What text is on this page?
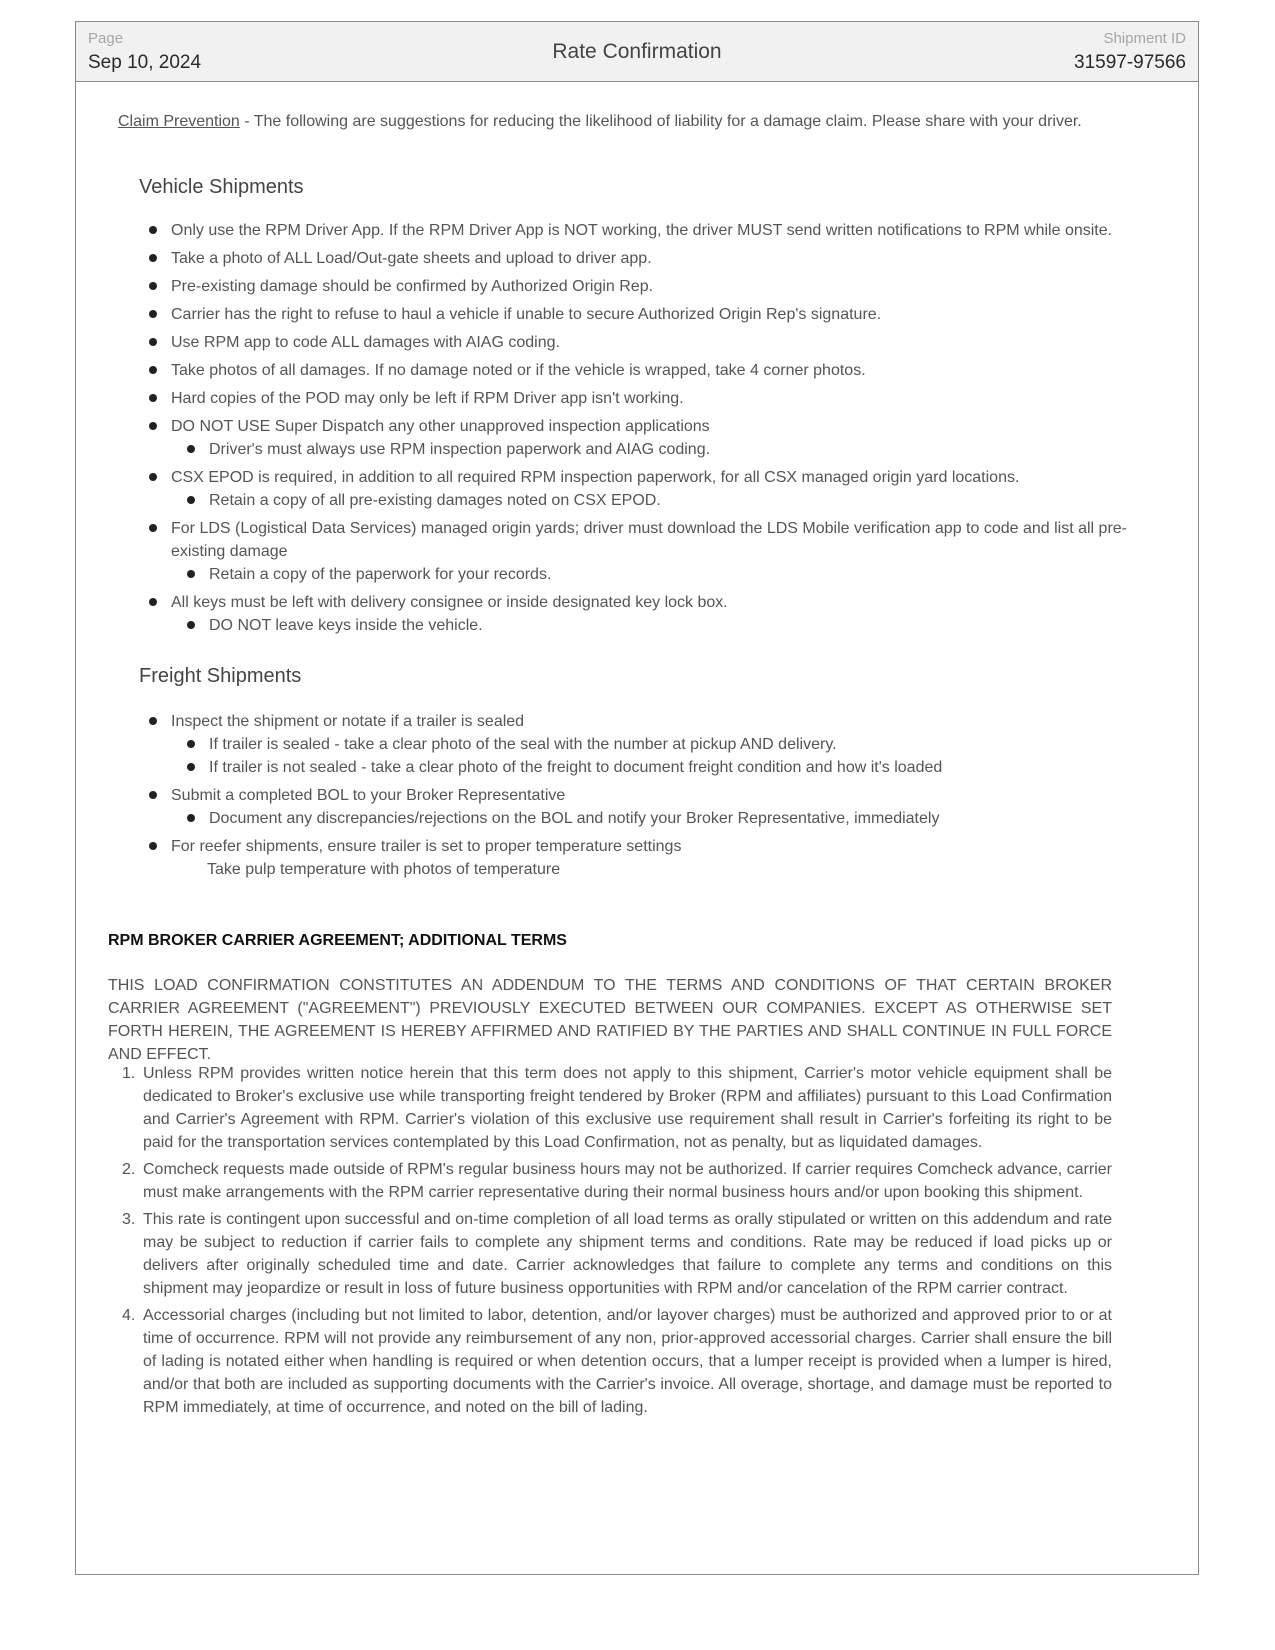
Page
Sep 10, 2024	Rate Confirmation
Shipment ID
31597-97566
Claim Prevention - The following are suggestions for reducing the likelihood of liability for a damage claim. Please share with your driver.
Vehicle Shipments
Only use the RPM Driver App. If the RPM Driver App is NOT working, the driver MUST send written notifications to RPM while onsite.
Take a photo of ALL Load/Out-gate sheets and upload to driver app.
Pre-existing damage should be confirmed by Authorized Origin Rep.
Carrier has the right to refuse to haul a vehicle if unable to secure Authorized Origin Rep's signature.
Use RPM app to code ALL damages with AIAG coding.
Take photos of all damages. If no damage noted or if the vehicle is wrapped, take 4 corner photos.
Hard copies of the POD may only be left if RPM Driver app isn't working.
DO NOT USE Super Dispatch any other unapproved inspection applications
Driver's must always use RPM inspection paperwork and AIAG coding.
CSX EPOD is required, in addition to all required RPM inspection paperwork, for all CSX managed origin yard locations.
Retain a copy of all pre-existing damages noted on CSX EPOD.
For LDS (Logistical Data Services) managed origin yards; driver must download the LDS Mobile verification app to code and list all pre-existing damage
Retain a copy of the paperwork for your records.
All keys must be left with delivery consignee or inside designated key lock box.
DO NOT leave keys inside the vehicle.
Freight Shipments
Inspect the shipment or notate if a trailer is sealed
If trailer is sealed - take a clear photo of the seal with the number at pickup AND delivery.
If trailer is not sealed - take a clear photo of the freight to document freight condition and how it's loaded
Submit a completed BOL to your Broker Representative
Document any discrepancies/rejections on the BOL and notify your Broker Representative, immediately
For reefer shipments, ensure trailer is set to proper temperature settings
Take pulp temperature with photos of temperature
RPM BROKER CARRIER AGREEMENT; ADDITIONAL TERMS
THIS LOAD CONFIRMATION CONSTITUTES AN ADDENDUM TO THE TERMS AND CONDITIONS OF THAT CERTAIN BROKER CARRIER AGREEMENT ("AGREEMENT") PREVIOUSLY EXECUTED BETWEEN OUR COMPANIES. EXCEPT AS OTHERWISE SET FORTH HEREIN, THE AGREEMENT IS HEREBY AFFIRMED AND RATIFIED BY THE PARTIES AND SHALL CONTINUE IN FULL FORCE AND EFFECT.
1. Unless RPM provides written notice herein that this term does not apply to this shipment, Carrier's motor vehicle equipment shall be dedicated to Broker's exclusive use while transporting freight tendered by Broker (RPM and affiliates) pursuant to this Load Confirmation and Carrier's Agreement with RPM. Carrier's violation of this exclusive use requirement shall result in Carrier's forfeiting its right to be paid for the transportation services contemplated by this Load Confirmation, not as penalty, but as liquidated damages.
2. Comcheck requests made outside of RPM's regular business hours may not be authorized. If carrier requires Comcheck advance, carrier must make arrangements with the RPM carrier representative during their normal business hours and/or upon booking this shipment.
3. This rate is contingent upon successful and on-time completion of all load terms as orally stipulated or written on this addendum and rate may be subject to reduction if carrier fails to complete any shipment terms and conditions. Rate may be reduced if load picks up or delivers after originally scheduled time and date. Carrier acknowledges that failure to complete any terms and conditions on this shipment may jeopardize or result in loss of future business opportunities with RPM and/or cancelation of the RPM carrier contract.
4. Accessorial charges (including but not limited to labor, detention, and/or layover charges) must be authorized and approved prior to or at time of occurrence. RPM will not provide any reimbursement of any non, prior-approved accessorial charges. Carrier shall ensure the bill of lading is notated either when handling is required or when detention occurs, that a lumper receipt is provided when a lumper is hired, and/or that both are included as supporting documents with the Carrier's invoice. All overage, shortage, and damage must be reported to RPM immediately, at time of occurrence, and noted on the bill of lading.
